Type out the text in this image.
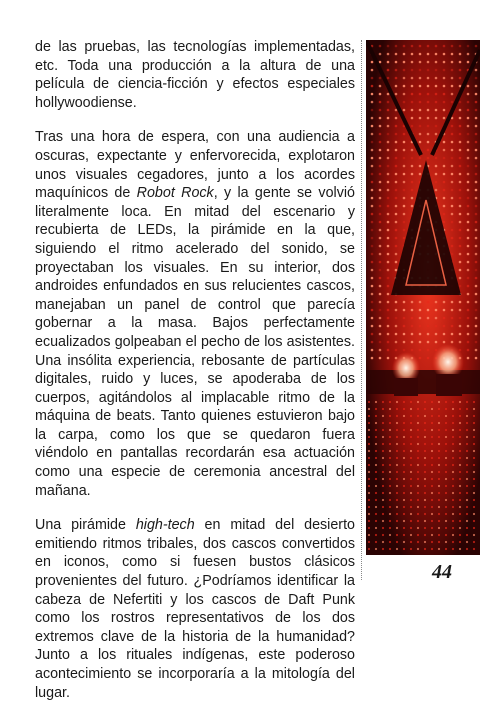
de las pruebas, las tecnologías implementadas, etc. Toda una producción a la altura de una película de ciencia-ficción y efectos especiales hollywoodiense.

Tras una hora de espera, con una audiencia a oscuras, expectante y enfervorecida, explotaron unos visuales cegadores, junto a los acordes maquínicos de Robot Rock, y la gente se volvió literalmente loca. En mitad del escenario y recubierta de LEDs, la pirámide en la que, siguiendo el ritmo acelerado del sonido, se proyectaban los visuales. En su interior, dos androides enfundados en sus relucientes cascos, manejaban un panel de control que parecía gobernar a la masa. Bajos perfectamente ecualizados golpeaban el pecho de los asistentes. Una insólita experiencia, rebosante de partículas digitales, ruido y luces, se apoderaba de los cuerpos, agitándolos al implacable ritmo de la máquina de beats. Tanto quienes estuvieron bajo la carpa, como los que se quedaron fuera viéndolo en pantallas recordarán esa actuación como una especie de ceremonia ancestral del mañana.

Una pirámide high-tech en mitad del desierto emitiendo ritmos tribales, dos cascos convertidos en iconos, como si fuesen bustos clásicos provenientes del futuro. ¿Podríamos identificar la cabeza de Nefertiti y los cascos de Daft Punk como los rostros representativos de los dos extremos clave de la historia de la humanidad? Junto a los rituales indígenas, este poderoso acontecimiento se incorporaría a la mitología del lugar.

44
